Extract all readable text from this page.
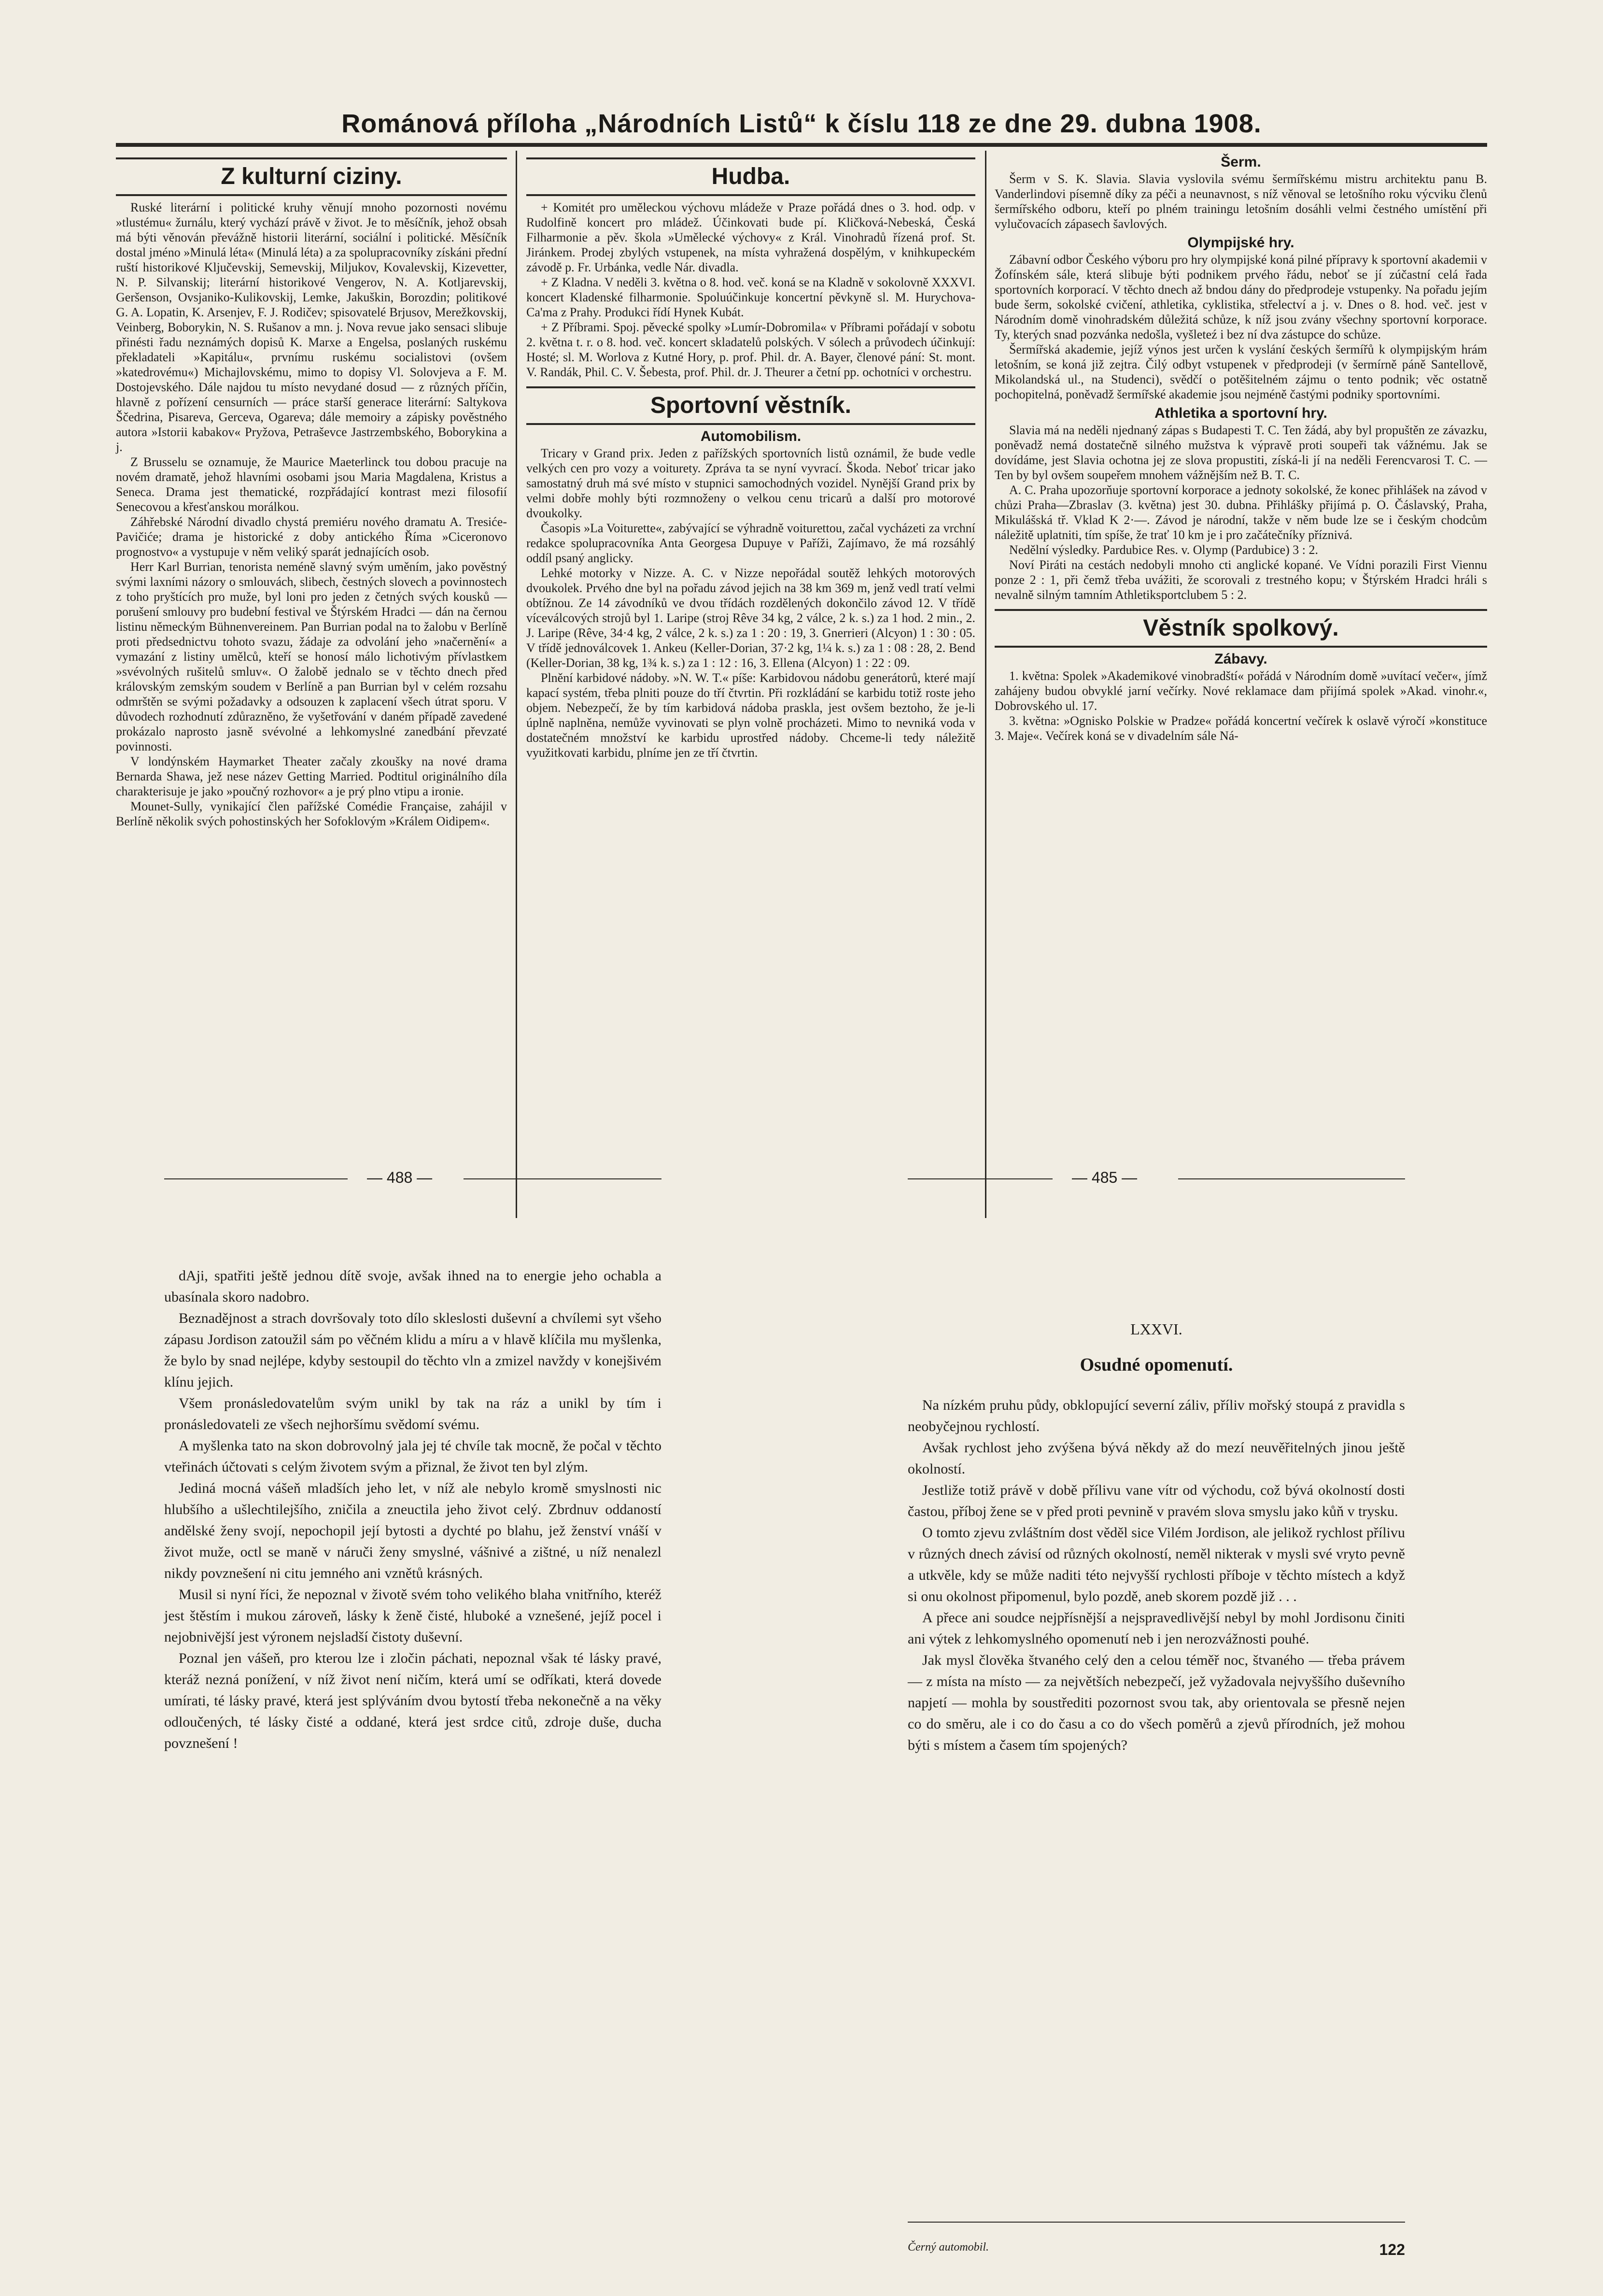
Románová příloha „Národních Listů“ k číslu 118 ze dne 29. dubna 1908.
Z kulturní ciziny.

Ruské literární i politické kruhy věnují mnoho pozornosti novému »tlustému« žurnálu, který vychází právě v život. Je to měsíčník, jehož obsah má býti věnován převážně historii literární, sociální i politické. Měsíčník dostal jméno »Minulá léta« (Minulá léta) a za spolupracovníky získáni přední ruští historikové Ključevskij, Semevskij, Miljukov, Kovalevskij, Kizevetter, N. P. Silvanskij; literární historikové Vengerov, N. A. Kotljarevskij, Geršenson, Ovsjaniko-Kulikovskij, Lemke, Jakuškin, Borozdin; politikové G. A. Lopatin, K. Arsenjev, F. J. Rodičev; spisovatelé Brjusov, Merežkovskij, Veinberg, Boborykin, N. S. Rušanov a mn. j. Nova revue jako sensaci slibuje přinésti řadu neznámých dopisů K. Marxe a Engelsa, poslaných ruskému překladateli »Kapitálu«, prvnímu ruskému socialistovi (ovšem »katedrovému«) Michajlovskému, mimo to dopisy Vl. Solovjeva a F. M. Dostojevského. Dále najdou tu místo nevydané dosud — z různých příčin, hlavně z pořízení censurních — práce starší generace literární: Saltykova Ščedrina, Pisareva, Gerceva, Ogareva; dále memoiry a zápisky pověstného autora »Istorii kabakov« Pryžova, Petraševce Jastrzembského, Boborykina a j.

Z Brusselu se oznamuje, že Maurice Maeterlinck tou dobou pracuje na novém dramatě, jehož hlavními osobami jsou Maria Magdalena, Kristus a Seneca. Drama jest thematické, rozpřádající kontrast mezi filosofií Senecovou a křesťanskou morálkou.

Záhřebské Národní divadlo chystá premiéru nového dramatu A. Tresiće-Pavičiće; drama je historické z doby antického Říma »Ciceronovo prognostvo« a vystupuje v něm veliký sparát jednajících osob.

Herr Karl Burrian, tenorista neméně slavný svým uměním, jako pověstný svými laxními názory o smlouvách, slibech, čestných slovech a povinnostech z toho pryštících pro muže, byl loni pro jeden z četných svých kousků — porušení smlouvy pro budební festival ve Štýrském Hradci — dán na černou listinu německým Bühnenvereinem. Pan Burrian podal na to žalobu v Berlíně proti předsednictvu tohoto svazu, žádaje za odvolání jeho »načernění« a vymazání z listiny umělců, kteří se honosí málo lichotivým přívlastkem »svévolných rušitelů smluv«. O žalobě jednalo se v těchto dnech před královským zemským soudem v Berlíně a pan Burrian byl v celém rozsahu odmrštěn se svými požadavky a odsouzen k zaplacení všech útrat sporu. V důvodech rozhodnutí zdůrazněno, že vyšetřování v daném případě zavedené prokázalo naprosto jasně svévolné a lehkomyslné zanedbání převzaté povinnosti.

V londýnském Haymarket Theater začaly zkoušky na nové drama Bernarda Shawa, jež nese název Getting Married. Podtitul originálního díla charakterisuje je jako »poučný rozhovor« a je prý plno vtipu a ironie.

Mounet-Sully, vynikající člen pařížské Comédie Française, zahájil v Berlíně několik svých pohostinských her Sofoklovým »Králem Oidipem«.

Hudba.

+ Komitét pro uměleckou výchovu mládeže v Praze pořádá dnes o 3. hod. odp. v Rudolfině koncert pro mládež. Účinkovati bude pí. Kličková-Nebeská, Česká Filharmonie a pěv. škola »Umělecké výchovy« z Král. Vinohradů řízená prof. St. Jiránkem. Prodej zbylých vstupenek, na místa vyhražená dospělým, v knihkupeckém závodě p. Fr. Urbánka, vedle Nár. divadla.

+ Z Kladna. V neděli 3. května o 8. hod. več. koná se na Kladně v sokolovně XXXVI. koncert Kladenské filharmonie. Spoluúčinkuje koncertní pěvkyně sl. M. Hurychova-Ca'ma z Prahy. Produkci řídí Hynek Kubát.

+ Z Příbrami. Spoj. pěvecké spolky »Lumír-Dobromila« v Příbrami pořádají v sobotu 2. května t. r. o 8. hod. več. koncert skladatelů polských. V sólech a průvodech účinkují: Hosté; sl. M. Worlova z Kutné Hory, p. prof. Phil. dr. A. Bayer, členové pání: St. mont. V. Randák, Phil. C. V. Šebesta, prof. Phil. dr. J. Theurer a četní pp. ochotníci v orchestru.

Sportovní věstník.
Automobilism.

Tricary v Grand prix. Jeden z pařížských sportovních listů oznámil, že bude vedle velkých cen pro vozy a voiturety. Zpráva ta se nyní vyvrací. Škoda. Neboť tricar jako samostatný druh má své místo v stupnici samochodných vozidel. Nynější Grand prix by velmi dobře mohly býti rozmnoženy o velkou cenu tricarů a další pro motorové dvoukolky.

Časopis »La Voiturette«, zabývající se výhradně voiturettou, začal vycházeti za vrchní redakce spolupracovníka Anta Georgesa Dupuye v Paříži, Zajímavo, že má rozsáhlý oddíl psaný anglicky.

Lehké motorky v Nizze. A. C. v Nizze nepořádal soutěž lehkých motorových dvoukolek. Prvého dne byl na pořadu závod jejich na 38 km 369 m, jenž vedl tratí velmi obtížnou. Ze 14 závodníků ve dvou třídách rozdělených dokončilo závod 12. V třídě víceválcových strojů byl 1. Laripe (stroj Rêve 34 kg, 2 válce, 2 k. s.) za 1 hod. 2 min., 2. J. Laripe (Rêve, 34·4 kg, 2 válce, 2 k. s.) za 1 : 20 : 19, 3. Gnerrieri (Alcyon) 1 : 30 : 05. V třídě jednoválcovek 1. Ankeu (Keller-Dorian, 37·2 kg, 1¼ k. s.) za 1 : 08 : 28, 2. Bend (Keller-Dorian, 38 kg, 1¾ k. s.) za 1 : 12 : 16, 3. Ellena (Alcyon) 1 : 22 : 09.

Plnění karbidové nádoby. »N. W. T.« píše: Karbidovou nádobu generátorů, které mají kapací systém, třeba plniti pouze do tří čtvrtin. Při rozkládání se karbidu totiž roste jeho objem. Nebezpečí, že by tím karbidová nádoba praskla, jest ovšem beztoho, že je-li úplně naplněna, nemůže vyvinovati se plyn volně procházeti. Mimo to nevniká voda v dostatečném množství ke karbidu uprostřed nádoby. Chceme-li tedy náležitě využitkovati karbidu, plníme jen ze tří čtvrtin.

Šerm.

Šerm v S. K. Slavia. Slavia vyslovila svému šermířskému mistru architektu panu B. Vanderlindovi písemně díky za péči a neunavnost, s níž věnoval se letošního roku výcviku členů šermířského odboru, kteří po plném trainingu letošním dosáhli velmi čestného umístění při vylučovacích zápasech šavlových.

Olympijské hry.

Zábavní odbor Českého výboru pro hry olympijské koná pilné přípravy k sportovní akademii v Žofínském sále, která slibuje býti podnikem prvého řádu, neboť se jí zúčastní celá řada sportovních korporací. V těchto dnech až bndou dány do předprodeje vstupenky. Na pořadu jejím bude šerm, sokolské cvičení, athletika, cyklistika, střelectví a j. v. Dnes o 8. hod. več. jest v Národním domě vinohradském důležitá schůze, k níž jsou zvány všechny sportovní korporace. Ty, kterých snad pozvánka nedošla, vyšleteź i bez ní dva zástupce do schůze.

Šermířská akademie, jejíž výnos jest určen k vyslání českých šermířů k olympijským hrám letošním, se koná již zejtra. Čilý odbyt vstupenek v předprodeji (v šermírně páně Santellově, Mikolandská ul., na Studenci), svědčí o potěšitelném zájmu o tento podnik; věc ostatně pochopitelná, poněvadž šermířské akademie jsou nejméně častými podniky sportovními.

Athletika a sportovní hry.

Slavia má na neděli njednaný zápas s Budapesti T. C. Ten žádá, aby byl propuštěn ze závazku, poněvadž nemá dostatečně silného mužstva k výpravě proti soupeři tak vážnému. Jak se dovídáme, jest Slavia ochotna jej ze slova propustiti, získá-li jí na neděli Ferencvarosi T. C. — Ten by byl ovšem soupeřem mnohem vážnějším než B. T. C.

A. C. Praha upozorňuje sportovní korporace a jednoty sokolské, že konec přihlášek na závod v chůzi Praha—Zbraslav (3. května) jest 30. dubna. Přihlášky přijímá p. O. Čáslavský, Praha, Mikulášská tř. Vklad K 2·—. Závod je národní, takže v něm bude lze se i českým chodcům náležitě uplatniti, tím spíše, že trať 10 km je i pro začátečníky příznivá.

Nedělní výsledky. Pardubice Res. v. Olymp (Pardubice) 3 : 2.

Noví Piráti na cestách nedobyli mnoho cti anglické kopané. Ve Vídni porazili First Viennu ponze 2 : 1, při čemž třeba uvážiti, že scorovali z trestného kopu; v Štýrském Hradci hráli s nevalně silným tamním Athletiksportclubem 5 : 2.

Věstník spolkový.
Zábavy.

1. května: Spolek »Akademikové vinobradští« pořádá v Národním domě »uvítací večer«, jímž zahájeny budou obvyklé jarní večírky. Nové reklamace dam přijímá spolek »Akad. vinohr.«, Dobrovského ul. 17.

3. května: »Ognisko Polskie w Pradze« pořádá koncertní večírek k oslavě výročí »konstituce 3. Maje«. Večírek koná se v divadelním sále Ná-

— 488 —	— 485 —

dAji, spatřiti ještě jednou dítě svoje, avšak ihned na to energie jeho ochabla a ubasínala skoro nadobro.

Beznadějnost a strach dovršovaly toto dílo skleslosti duševní a chvílemi syt všeho zápasu Jordison zatoužil sám po věčném klidu a míru a v hlavě klíčila mu myšlenka, že bylo by snad nejlépe, kdyby sestoupil do těchto vln a zmizel navždy v konejšivém klínu jejich.

Všem pronásledovatelům svým unikl by tak na ráz a unikl by tím i pronásledovateli ze všech nejhoršímu svědomí svému.

A myšlenka tato na skon dobrovolný jala jej té chvíle tak mocně, že počal v těchto vteřinách účtovati s celým životem svým a přiznal, že život ten byl zlým.

Jediná mocná vášeň mladších jeho let, v níž ale nebylo kromě smyslnosti nic hlubšího a ušlechtilejšího, zničila a zneuctila jeho život celý. Zbrdnuv oddaností andělské ženy svojí, nepochopil její bytosti a dychté po blahu, jež ženství vnáší v život muže, octl se maně v náruči ženy smyslné, vášnivé a zištné, u níž nenalezl nikdy povznešení ni citu jemného ani vznětů krásných.

Musil si nyní říci, že nepoznal v životě svém toho velikého blaha vnitřního, kteréž jest štěstím i mukou zároveň, lásky k ženě čisté, hluboké a vznešené, jejíž pocel i nejobnivější jest výronem nejsladší čistoty duševní.

Poznal jen vášeň, pro kterou lze i zločin páchati, nepoznal však té lásky pravé, kteráž nezná ponížení, v níž život není ničím, která umí se odříkati, která dovede umírati, té lásky pravé, která jest splýváním dvou bytostí třeba nekonečně a na věky odloučených, té lásky čisté a oddané, která jest srdce citů, zdroje duše, ducha povznešení !

LXXVI.
Osudné opomenutí.

Na nízkém pruhu půdy, obklopující severní záliv, příliv mořský stoupá z pravidla s neobyčejnou rychlostí.

Avšak rychlost jeho zvýšena bývá někdy až do mezí neuvěřitelných jinou ještě okolností.

Jestliže totiž právě v době přílivu vane vítr od východu, což bývá okolností dosti častou, příboj žene se v před proti pevnině v pravém slova smyslu jako kůň v trysku.

O tomto zjevu zvláštním dost věděl sice Vilém Jordison, ale jelikož rychlost přílivu v různých dnech závisí od různých okolností, neměl nikterak v mysli své vryto pevně a utkvěle, kdy se může naditi této nejvyšší rychlosti příboje v těchto místech a když si onu okolnost připomenul, bylo pozdě, aneb skorem pozdě již . . .

A přece ani soudce nejpřísnější a nejspravedlivější nebyl by mohl Jordisonu činiti ani výtek z lehkomyslného opomenutí neb i jen nerozvážnosti pouhé.

Jak mysl člověka štvaného celý den a celou téměř noc, štvaného — třeba právem — z místa na místo — za největších nebezpečí, jež vyžadovala nejvyššího duševního napjetí — mohla by soustřediti pozornost svou tak, aby orientovala se přesně nejen co do směru, ale i co do času a co do všech poměrů a zjevů přírodních, jež mohou býti s místem a časem tím spojených?

Černý automobil.	122
